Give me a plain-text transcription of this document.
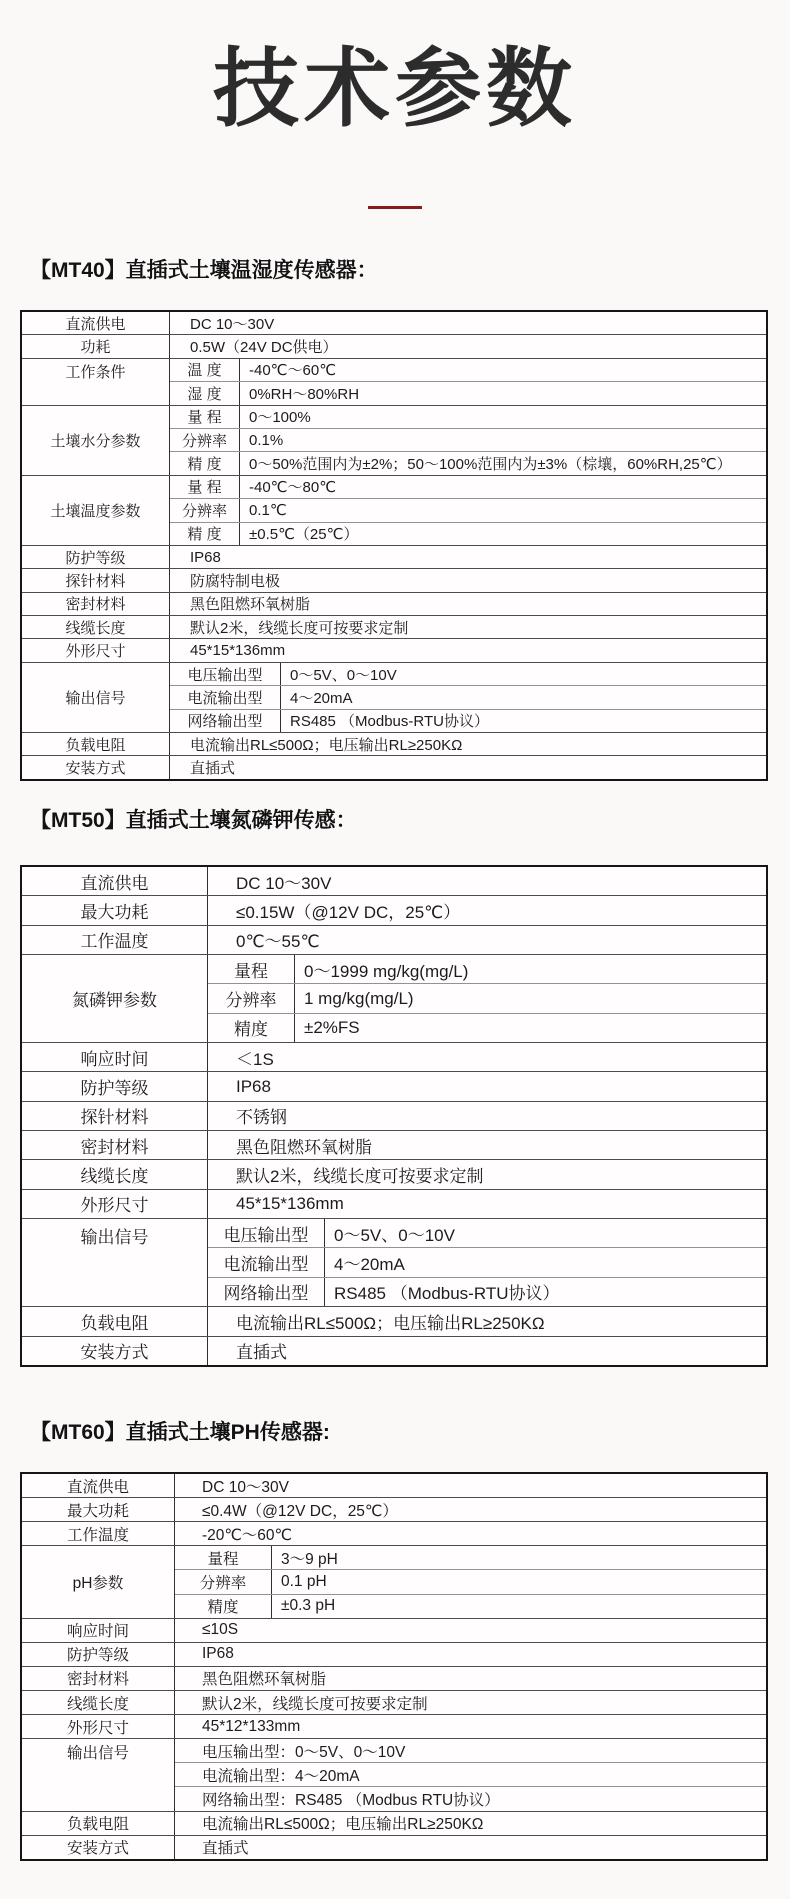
技术参数
【MT40】直插式土壤温湿度传感器：
直流供电	DC 10～30V
功耗	0.5W（24V DC供电）
工作条件	温 度	-40℃～60℃
湿 度	0%RH～80%RH
土壤水分参数
量 程	0～100%
分辨率	0.1%
精 度	0～50%范围内为±2%；50～100%范围内为±3%（棕壤，60%RH,25℃）
土壤温度参数
量 程	-40℃～80℃
分辨率	0.1℃
精 度	±0.5℃（25℃）
防护等级	IP68
探针材料	防腐特制电极
密封材料	黑色阻燃环氧树脂
线缆长度	默认2米，线缆长度可按要求定制
外形尺寸	45*15*136mm
输出信号
电压输出型	0～5V、0～10V
电流输出型	4～20mA
网络输出型	RS485 （Modbus-RTU协议）
负载电阻	电流输出RL≤500Ω；电压输出RL≥250KΩ
安装方式	直插式
【MT50】直插式土壤氮磷钾传感：
直流供电	DC 10～30V
最大功耗	≤0.15W（@12V DC，25℃）
工作温度	0℃～55℃
氮磷钾参数
量程	0～1999 mg/kg(mg/L)
分辨率	1 mg/kg(mg/L)
精度	±2%FS
响应时间	＜1S
防护等级	IP68
探针材料	不锈钢
密封材料	黑色阻燃环氧树脂
线缆长度	默认2米，线缆长度可按要求定制
外形尺寸	45*15*136mm
输出信号	电压输出型	0～5V、0～10V
电流输出型	4～20mA
网络输出型	RS485 （Modbus-RTU协议）
负载电阻	电流输出RL≤500Ω；电压输出RL≥250KΩ
安装方式	直插式
【MT60】直插式土壤PH传感器:
直流供电	DC 10～30V
最大功耗	≤0.4W（@12V DC，25℃）
工作温度	-20℃～60℃
pH参数
量程	3～9 pH
分辨率	0.1 pH
精度	±0.3 pH
响应时间	≤10S
防护等级	IP68
密封材料	黑色阻燃环氧树脂
线缆长度	默认2米，线缆长度可按要求定制
外形尺寸	45*12*133mm
输出信号	电压输出型：0～5V、0～10V
电流输出型：4～20mA
网络输出型：RS485 （Modbus RTU协议）
负载电阻	电流输出RL≤500Ω；电压输出RL≥250KΩ
安装方式	直插式
